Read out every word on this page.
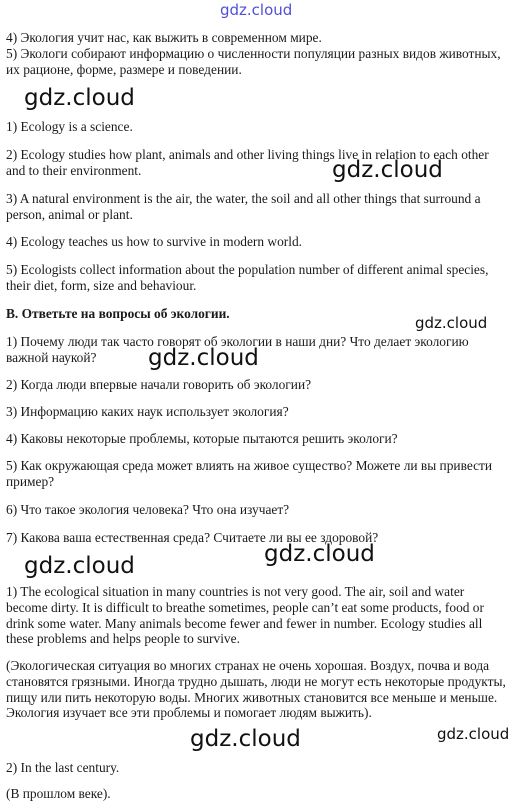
gdz.cloud

4) Экология учит нас, как выжить в современном мире.
5) Экологи собирают информацию о численности популяции разных видов животных, их рационе, форме, размере и поведении.

1) Ecology is a science.

2) Ecology studies how plant, animals and other living things live in relation to each other and to their environment.

3) A natural environment is the air, the water, the soil and all other things that surround a person, animal or plant.

4) Ecology teaches us how to survive in modern world.

5) Ecologists collect information about the population number of different animal species, their diet, form, size and behaviour.

B. Ответьте на вопросы об экологии.

1) Почему люди так часто говорят об экологии в наши дни? Что делает экологию важной наукой?

2) Когда люди впервые начали говорить об экологии?

3) Информацию каких наук использует экология?

4) Каковы некоторые проблемы, которые пытаются решить экологи?

5) Как окружающая среда может влиять на живое существо? Можете ли вы привести пример?

6) Что такое экология человека? Что она изучает?

7) Какова ваша естественная среда? Считаете ли вы ее здоровой?

1) The ecological situation in many countries is not very good. The air, soil and water become dirty. It is difficult to breathe sometimes, people can’t eat some products, food or drink some water. Many animals become fewer and fewer in number. Ecology studies all these problems and helps people to survive.

(Экологическая ситуация во многих странах не очень хорошая. Воздух, почва и вода становятся грязными. Иногда трудно дышать, люди не могут есть некоторые продукты, пищу или пить некоторую воды. Многих животных становится все меньше и меньше. Экология изучает все эти проблемы и помогает людям выжить).

2) In the last century.

(В прошлом веке).

gdz.cloud
gdz.cloud
gdz.cloud
gdz.cloud
gdz.cloud
gdz.cloud
gdz.cloud
gdz.cloud
